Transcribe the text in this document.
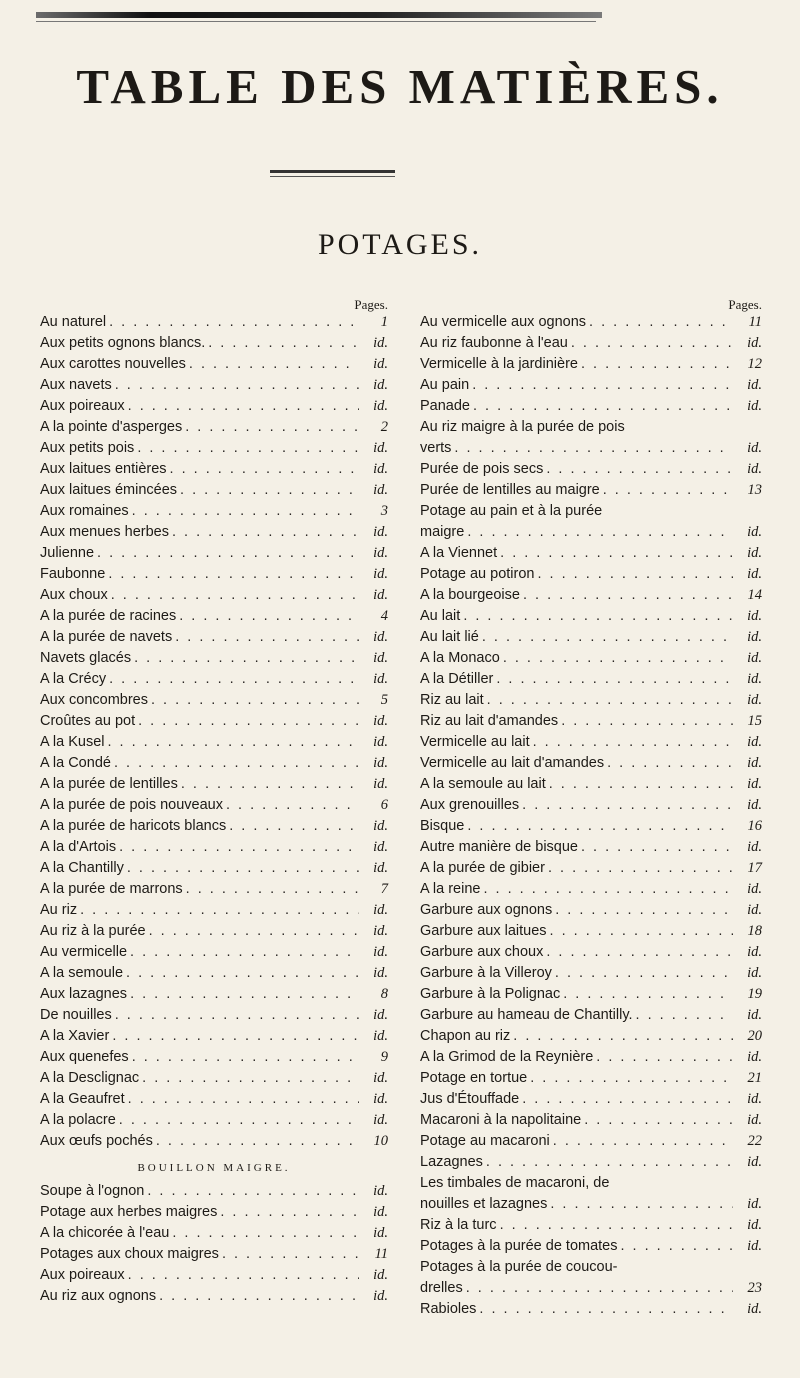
TABLE DES MATIÈRES.
POTAGES.
Pages.
Au naturel . . .	1
Aux petits ognons blancs. . . .	id.
Aux carottes nouvelles . . .	id.
Aux navets . . .	id.
Aux poireaux . . .	id.
A la pointe d'asperges . . .	2
Aux petits pois . . .	id.
Aux laitues entières . . .	id.
Aux laitues émincées . . .	id.
Aux romaines . . .	3
Aux menues herbes . . .	id.
Julienne . . .	id.
Faubonne . . .	id.
Aux choux . . .	id.
A la purée de racines . . .	4
A la purée de navets . . .	id.
Navets glacés . . .	id.
A la Crécy . . .	id.
Aux concombres . . .	5
Croûtes au pot . . .	id.
A la Kusel . . .	id.
A la Condé . . .	id.
A la purée de lentilles . . .	id.
A la purée de pois nouveaux . . .	6
A la purée de haricots blancs . . .	id.
A la d'Artois . . .	id.
A la Chantilly . . .	id.
A la purée de marrons . . .	7
Au riz . . .	id.
Au riz à la purée . . .	id.
Au vermicelle . . .	id.
A la semoule . . .	id.
Aux lazagnes . . .	8
De nouilles . . .	id.
A la Xavier . . .	id.
Aux quenefes . . .	9
A la Desclignac . . .	id.
A la Geaufret . . .	id.
A la polacre . . .	id.
Aux œufs pochés . . .	10
BOUILLON MAIGRE.
Soupe à l'ognon . . .	id.
Potage aux herbes maigres . . .	id.
A la chicorée à l'eau . . .	id.
Potages aux choux maigres . . .	11
Aux poireaux . . .	id.
Au riz aux ognons . . .	id.
Pages.
Au vermicelle aux ognons . . .	11
Au riz faubonne à l'eau . . .	id.
Vermicelle à la jardinière . . .	12
Au pain . . .	id.
Panade . . .	id.
Au riz maigre à la purée de pois
verts . . .	id.
Purée de pois secs . . .	id.
Purée de lentilles au maigre . . .	13
Potage au pain et à la purée
maigre . . .	id.
A la Viennet . . .	id.
Potage au potiron . . .	id.
A la bourgeoise . . .	14
Au lait . . .	id.
Au lait lié . . .	id.
A la Monaco . . .	id.
A la Détiller . . .	id.
Riz au lait . . .	id.
Riz au lait d'amandes . . .	15
Vermicelle au lait . . .	id.
Vermicelle au lait d'amandes . . .	id.
A la semoule au lait . . .	id.
Aux grenouilles . . .	id.
Bisque . . .	16
Autre manière de bisque . . .	id.
A la purée de gibier . . .	17
A la reine . . .	id.
Garbure aux ognons . . .	id.
Garbure aux laitues . . .	18
Garbure aux choux . . .	id.
Garbure à la Villeroy . . .	id.
Garbure à la Polignac . . .	19
Garbure au hameau de Chantilly. . . .	id.
Chapon au riz . . .	20
A la Grimod de la Reynière . . .	id.
Potage en tortue . . .	21
Jus d'Étouffade . . .	id.
Macaroni à la napolitaine . . .	id.
Potage au macaroni . . .	22
Lazagnes . . .	id.
Les timbales de macaroni, de
nouilles et lazagnes . . .	id.
Riz à la turc . . .	id.
Potages à la purée de tomates . . .	id.
Potages à la purée de coucou-
drelles . . .	23
Rabioles . . .	id.
